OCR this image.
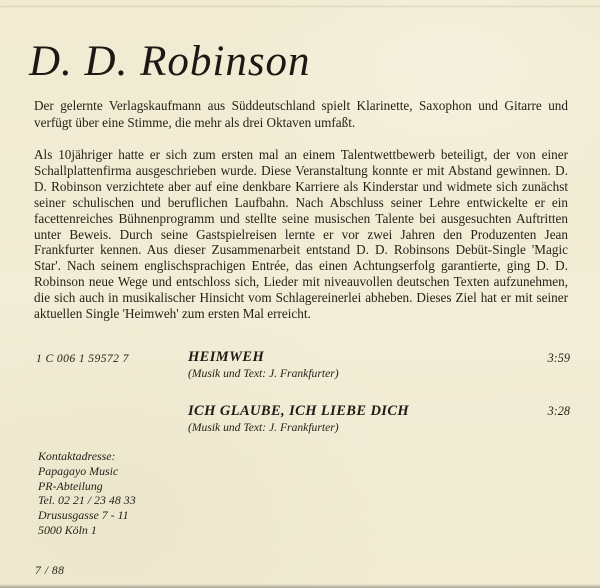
D. D. Robinson

Der gelernte Verlagskaufmann aus Süddeutschland spielt Klarinette, Saxophon und Gitarre und verfügt über eine Stimme, die mehr als drei Oktaven umfaßt.

Als 10jähriger hatte er sich zum ersten mal an einem Talentwettbewerb beteiligt, der von einer Schallplattenfirma ausgeschrieben wurde. Diese Veranstaltung konnte er mit Abstand gewinnen. D. D. Robinson verzichtete aber auf eine denkbare Karriere als Kinderstar und widmete sich zunächst seiner schulischen und beruflichen Laufbahn. Nach Abschluss seiner Lehre entwickelte er ein facettenreiches Bühnenprogramm und stellte seine musischen Talente bei ausgesuchten Auftritten unter Beweis. Durch seine Gastspielreisen lernte er vor zwei Jahren den Produzenten Jean Frankfurter kennen. Aus dieser Zusammenarbeit entstand D. D. Robinsons Debüt-Single 'Magic Star'. Nach seinem englischsprachigen Entrée, das einen Achtungserfolg garantierte, ging D. D. Robinson neue Wege und entschloss sich, Lieder mit niveauvollen deutschen Texten aufzunehmen, die sich auch in musikalischer Hinsicht vom Schlagereinerlei abheben. Dieses Ziel hat er mit seiner aktuellen Single 'Heimweh' zum ersten Mal erreicht.

1 C 006 1 59572 7	HEIMWEH
(Musik und Text: J. Frankfurter)
3:59
ICH GLAUBE, ICH LIEBE DICH
(Musik und Text: J. Frankfurter)
3:28
Kontaktadresse:
Papagayo Music
PR-Abteilung
Tel. 02 21 / 23 48 33
Drususgasse 7 - 11
5000 Köln 1
7 / 88
